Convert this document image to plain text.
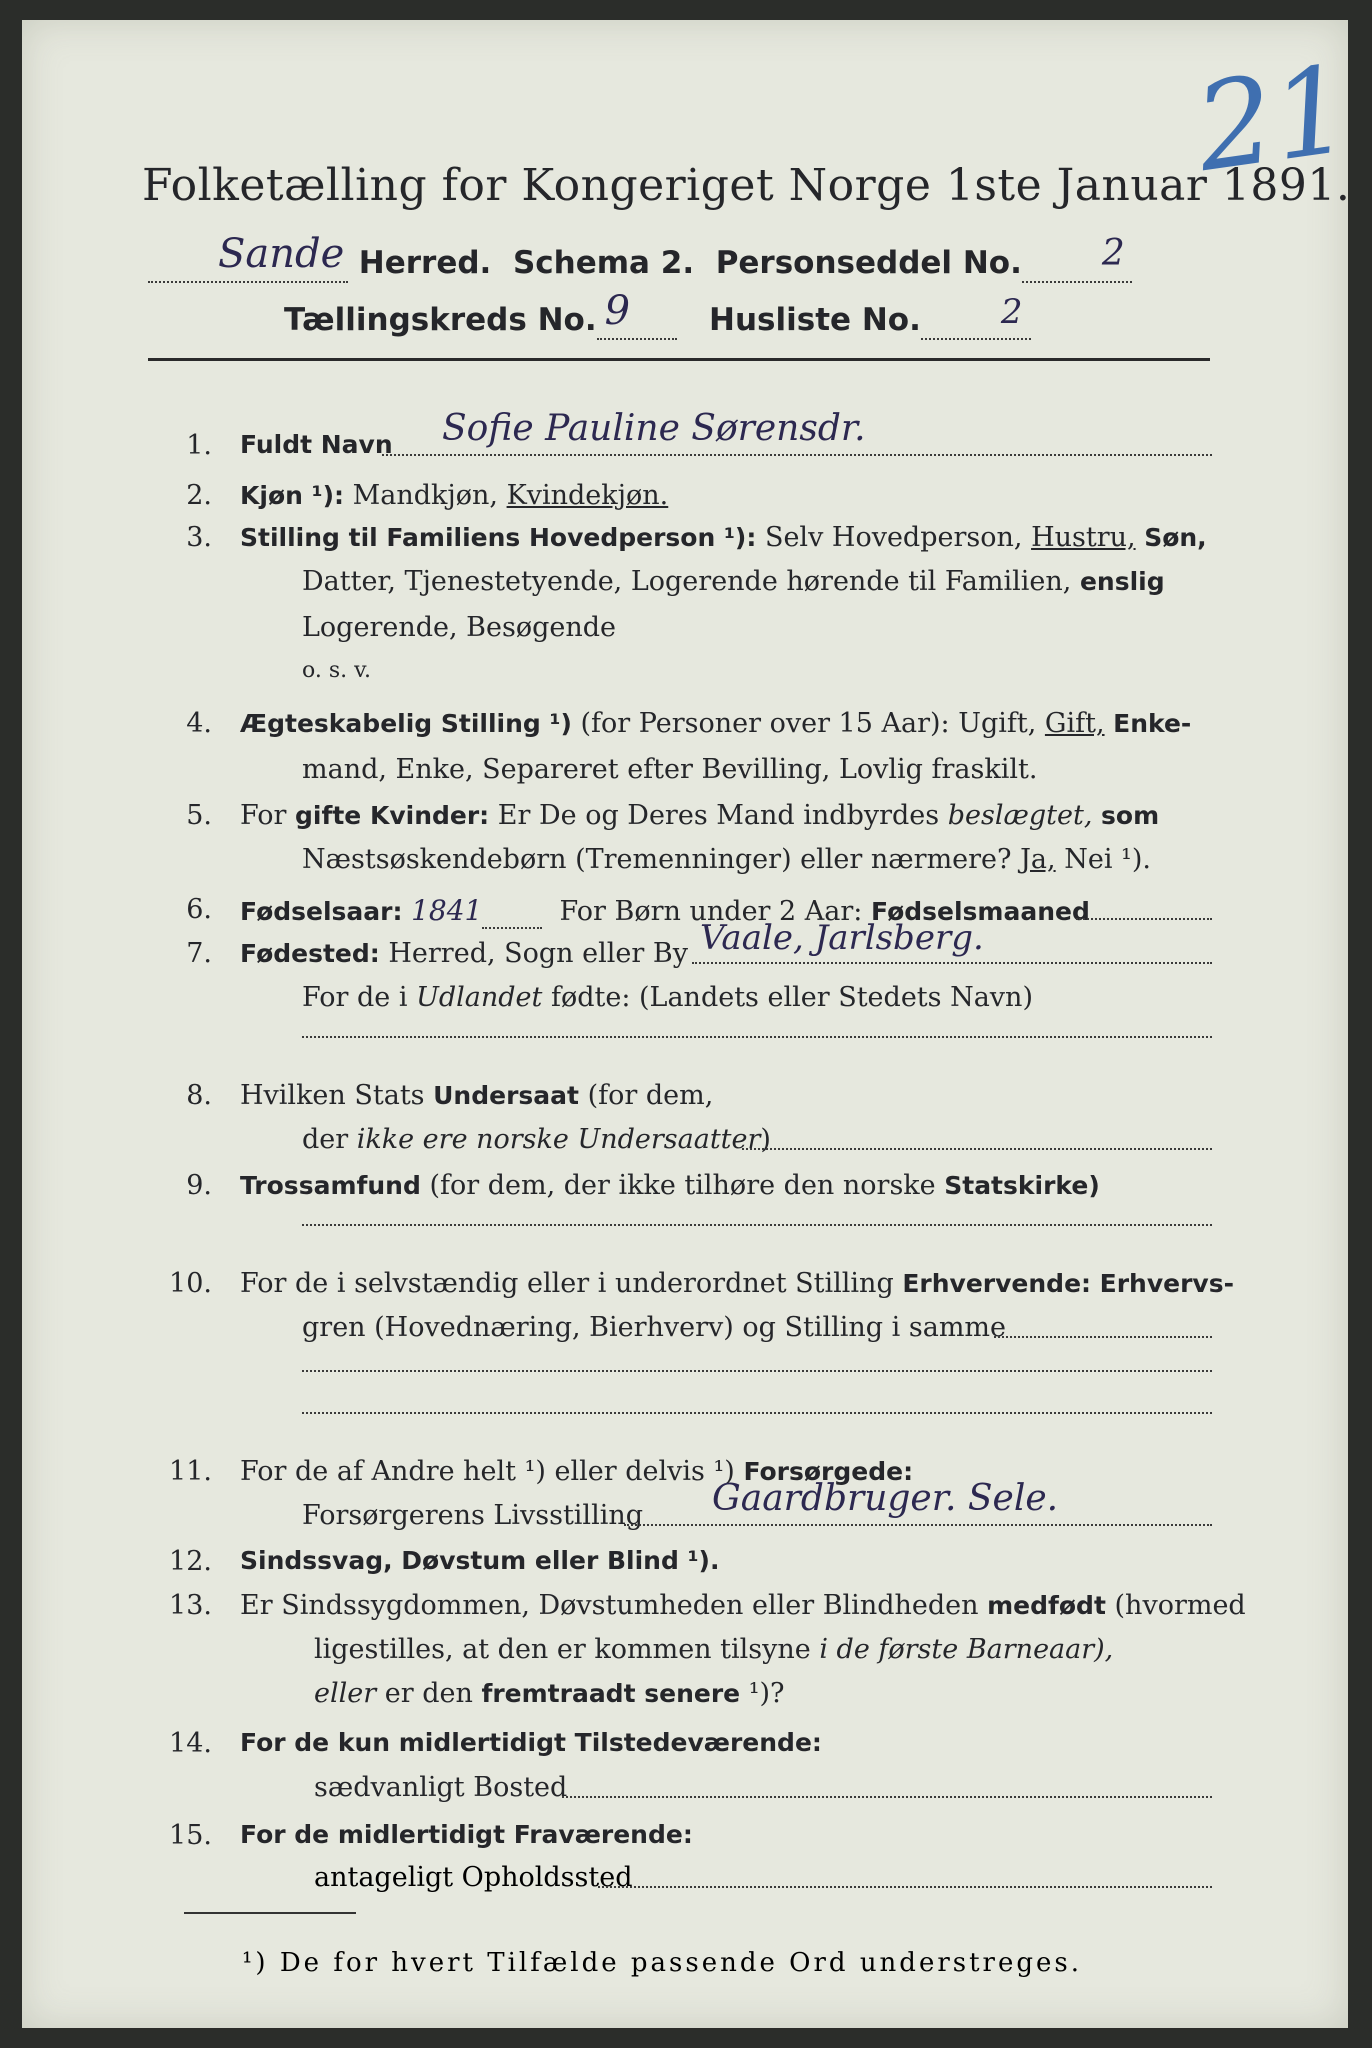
21
Folketælling for Kongeriget Norge 1ste Januar 1891.
Sande Herred. Schema 2. Personseddel No. 2

Tællingskreds No. 9	Husliste No. 2

1. Fuldt Navn Sofie Pauline Sørensdr.
2. Kjøn ¹): Mandkjøn, Kvindekjøn.
3. Stilling til Familiens Hovedperson ¹): Selv Hovedperson, Hustru, Søn,
Datter, Tjenestetyende, Logerende hørende til Familien, enslig
Logerende, Besøgende
o. s. v.
4. Ægteskabelig Stilling ¹) (for Personer over 15 Aar): Ugift, Gift, Enke-
mand, Enke, Separeret efter Bevilling, Lovlig fraskilt.
5. For gifte Kvinder: Er De og Deres Mand indbyrdes beslægtet, som
Næstsøskendebørn (Tremenninger) eller nærmere? Ja, Nei ¹).
6. Fødselsaar: 1841	For Børn under 2 Aar: Fødselsmaaned
7. Fødested: Herred, Sogn eller By Vaale, Jarlsberg.
For de i Udlandet fødte: (Landets eller Stedets Navn)
8. Hvilken Stats Undersaat (for dem,
der ikke ere norske Undersaatter)
9. Trossamfund (for dem, der ikke tilhøre den norske Statskirke)
10. For de i selvstændig eller i underordnet Stilling Erhvervende: Erhvervs-
gren (Hovednæring, Bierhverv) og Stilling i samme
11. For de af Andre helt ¹) eller delvis ¹) Forsørgede:
Forsørgerens Livsstilling Gaardbruger. Sele.
12. Sindssvag, Døvstum eller Blind ¹).
13. Er Sindssygdommen, Døvstumheden eller Blindheden medfødt (hvormed
ligestilles, at den er kommen tilsyne i de første Barneaar),
eller er den fremtraadt senere ¹)?
14. For de kun midlertidigt Tilstedeværende:
sædvanligt Bosted
15. For de midlertidigt Fraværende:
antageligt Opholdssted
¹) De for hvert Tilfælde passende Ord understreges.
